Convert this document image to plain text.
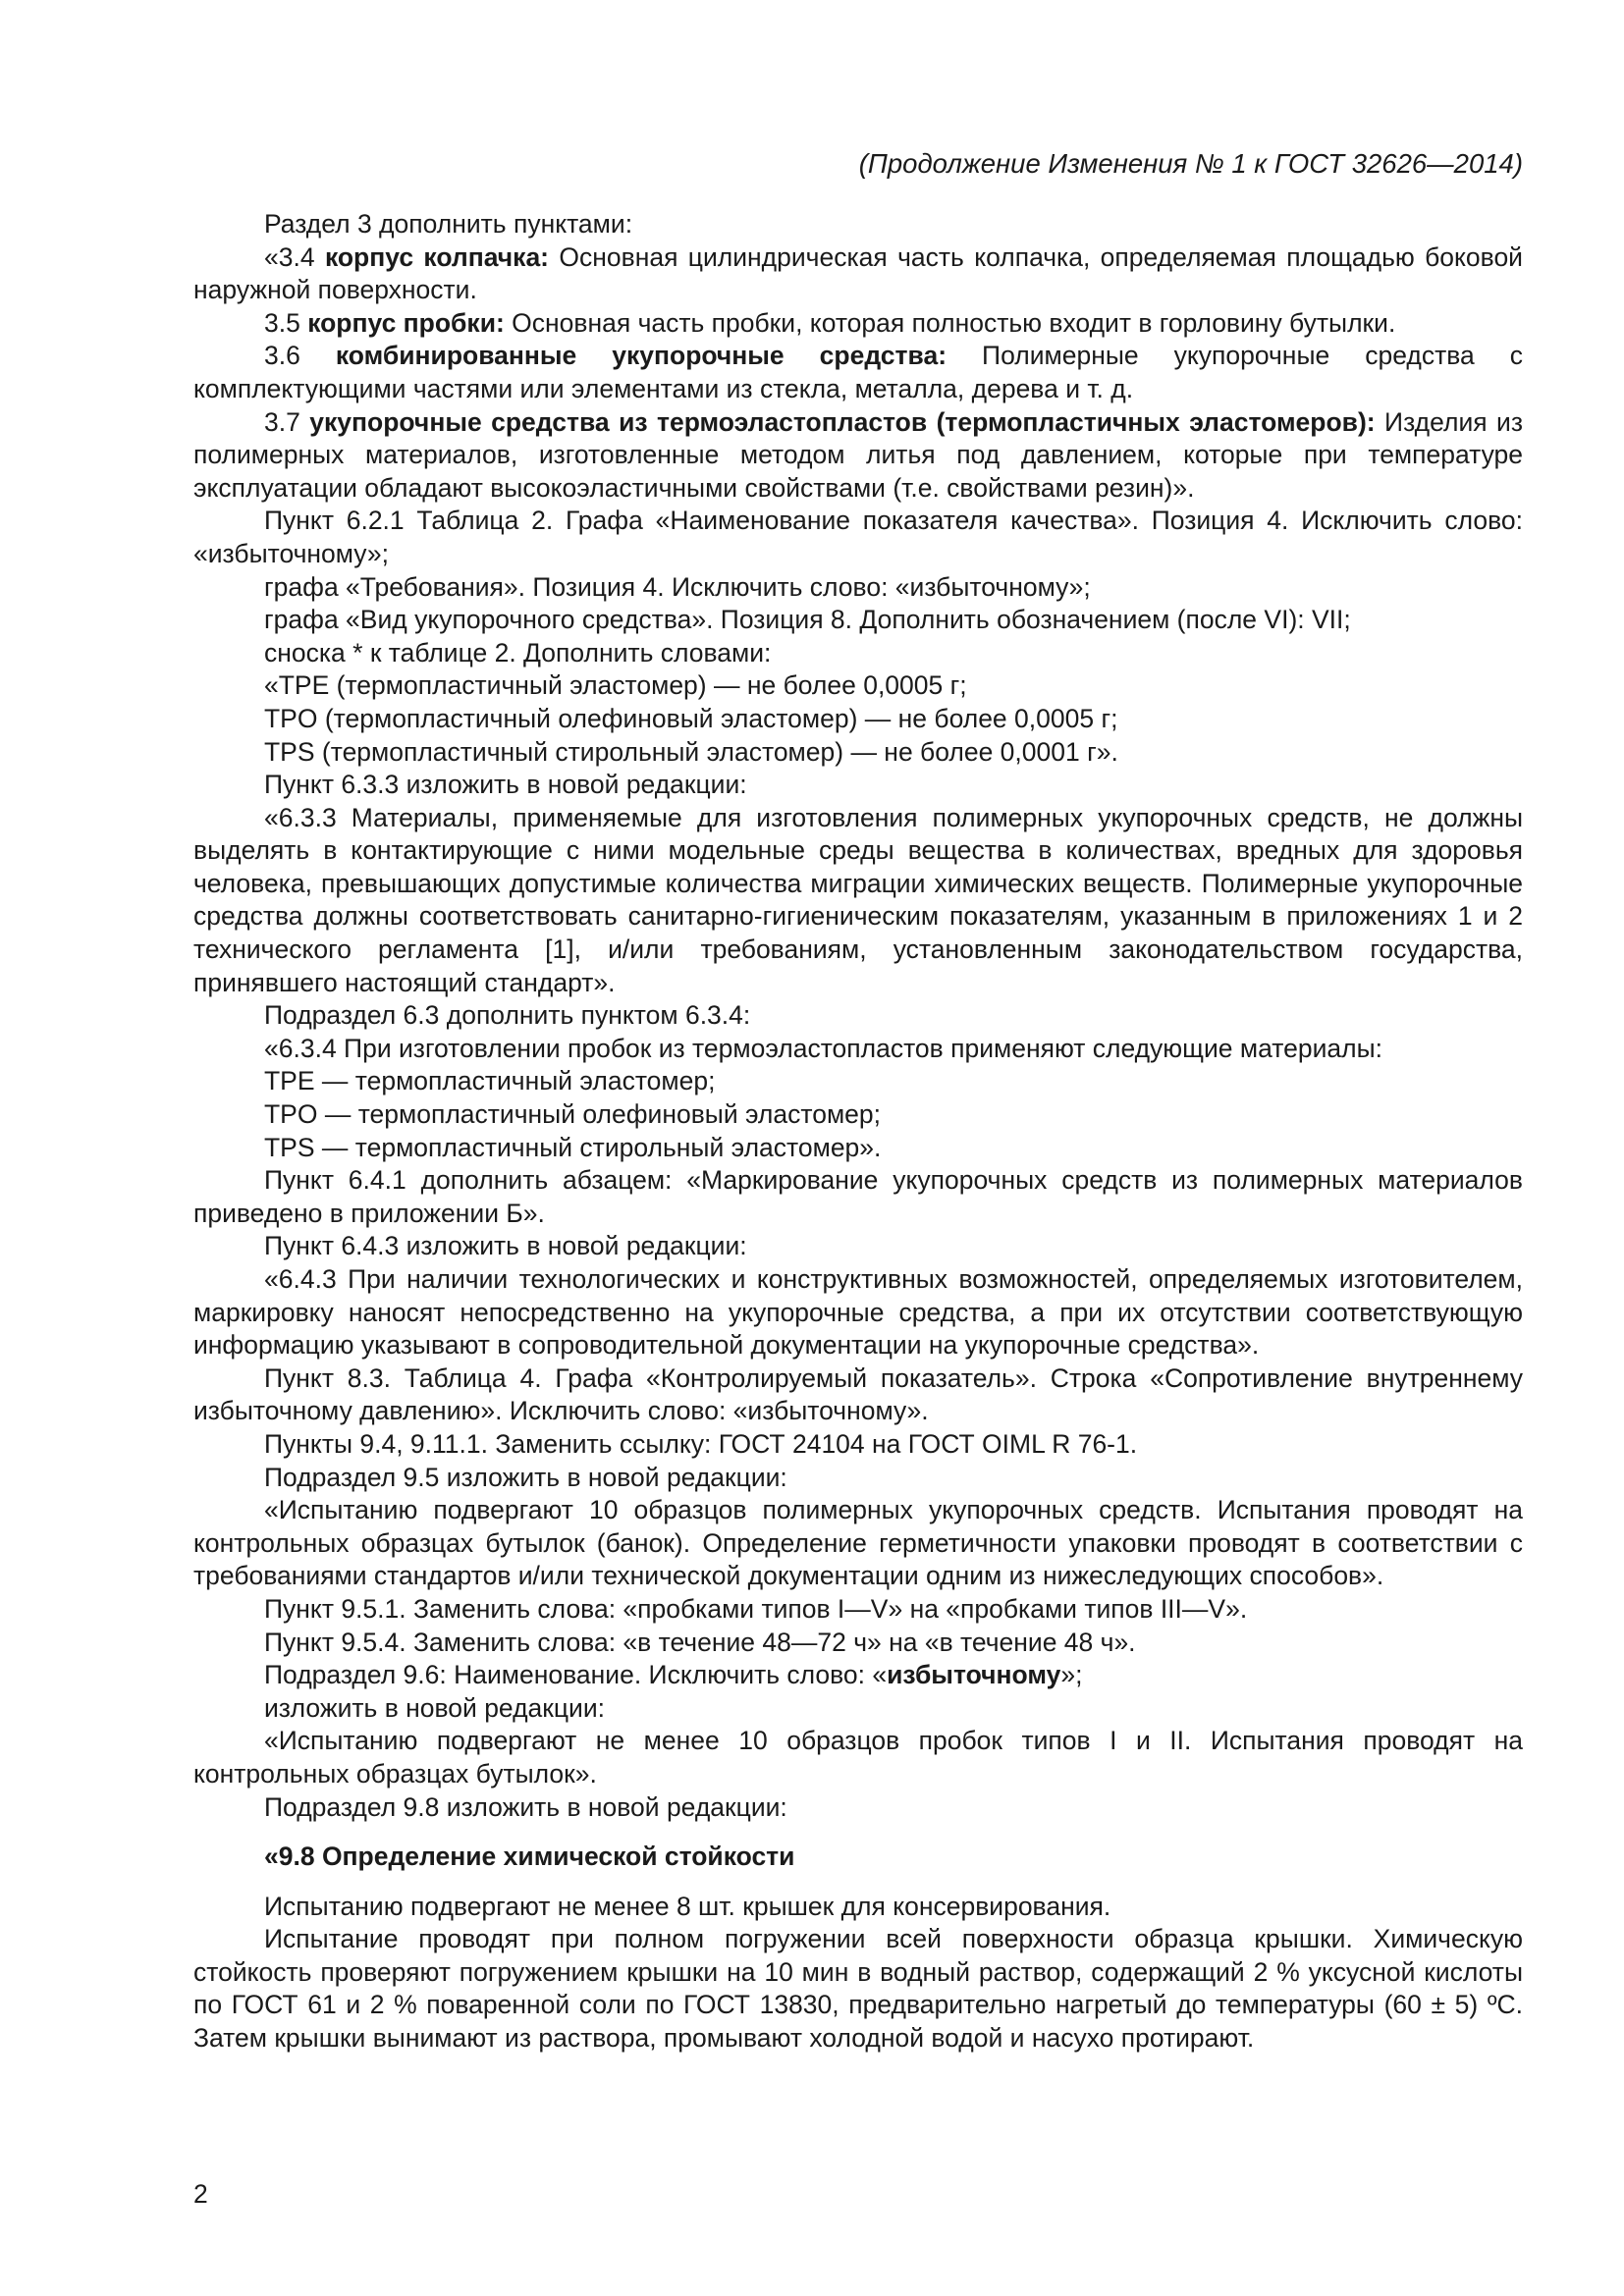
(Продолжение Изменения № 1 к ГОСТ 32626—2014)

Раздел 3 дополнить пунктами:

«3.4 корпус колпачка: Основная цилиндрическая часть колпачка, определяемая площадью боковой наружной поверхности.

3.5 корпус пробки: Основная часть пробки, которая полностью входит в горловину бутылки.

3.6 комбинированные укупорочные средства: Полимерные укупорочные средства с комплектующими частями или элементами из стекла, металла, дерева и т. д.

3.7 укупорочные средства из термоэластопластов (термопластичных эластомеров): Изделия из полимерных материалов, изготовленные методом литья под давлением, которые при температуре эксплуатации обладают высокоэластичными свойствами (т.е. свойствами резин)».

Пункт 6.2.1 Таблица 2. Графа «Наименование показателя качества». Позиция 4. Исключить слово: «избыточному»;

графа «Требования». Позиция 4. Исключить слово: «избыточному»;

графа «Вид укупорочного средства». Позиция 8. Дополнить обозначением (после VI): VII;

сноска * к таблице 2. Дополнить словами:

«TPE (термопластичный эластомер) — не более 0,0005 г;

TPO (термопластичный олефиновый эластомер) — не более 0,0005 г;

TPS (термопластичный стирольный эластомер) — не более 0,0001 г».

Пункт 6.3.3 изложить в новой редакции:

«6.3.3 Материалы, применяемые для изготовления полимерных укупорочных средств, не должны выделять в контактирующие с ними модельные среды вещества в количествах, вредных для здоровья человека, превышающих допустимые количества миграции химических веществ. Полимерные укупорочные средства должны соответствовать санитарно-гигиеническим показателям, указанным в приложениях 1 и 2 технического регламента [1], и/или требованиям, установленным законодательством государства, принявшего настоящий стандарт».

Подраздел 6.3 дополнить пунктом 6.3.4:

«6.3.4 При изготовлении пробок из термоэластопластов применяют следующие материалы:

TPE — термопластичный эластомер;

TPO — термопластичный олефиновый эластомер;

TPS — термопластичный стирольный эластомер».

Пункт 6.4.1 дополнить абзацем: «Маркирование укупорочных средств из полимерных материалов приведено в приложении Б».

Пункт 6.4.3 изложить в новой редакции:

«6.4.3 При наличии технологических и конструктивных возможностей, определяемых изготовителем, маркировку наносят непосредственно на укупорочные средства, а при их отсутствии соответствующую информацию указывают в сопроводительной документации на укупорочные средства».

Пункт 8.3. Таблица 4. Графа «Контролируемый показатель». Строка «Сопротивление внутреннему избыточному давлению». Исключить слово: «избыточному».

Пункты 9.4, 9.11.1. Заменить ссылку: ГОСТ 24104 на ГОСТ OIML R 76-1.

Подраздел 9.5 изложить в новой редакции:

«Испытанию подвергают 10 образцов полимерных укупорочных средств. Испытания проводят на контрольных образцах бутылок (банок). Определение герметичности упаковки проводят в соответствии с требованиями стандартов и/или технической документации одним из нижеследующих способов».

Пункт 9.5.1. Заменить слова: «пробками типов I—V» на «пробками типов III—V».

Пункт 9.5.4. Заменить слова: «в течение 48—72 ч» на «в течение 48 ч».

Подраздел 9.6: Наименование. Исключить слово: «избыточному»;

изложить в новой редакции:

«Испытанию подвергают не менее 10 образцов пробок типов I и II. Испытания проводят на контрольных образцах бутылок».

Подраздел 9.8 изложить в новой редакции:

«9.8 Определение химической стойкости

Испытанию подвергают не менее 8 шт. крышек для консервирования.

Испытание проводят при полном погружении всей поверхности образца крышки. Химическую стойкость проверяют погружением крышки на 10 мин в водный раствор, содержащий 2 % уксусной кислоты по ГОСТ 61 и 2 % поваренной соли по ГОСТ 13830, предварительно нагретый до температуры (60 ± 5) ºС. Затем крышки вынимают из раствора, промывают холодной водой и насухо протирают.

2
